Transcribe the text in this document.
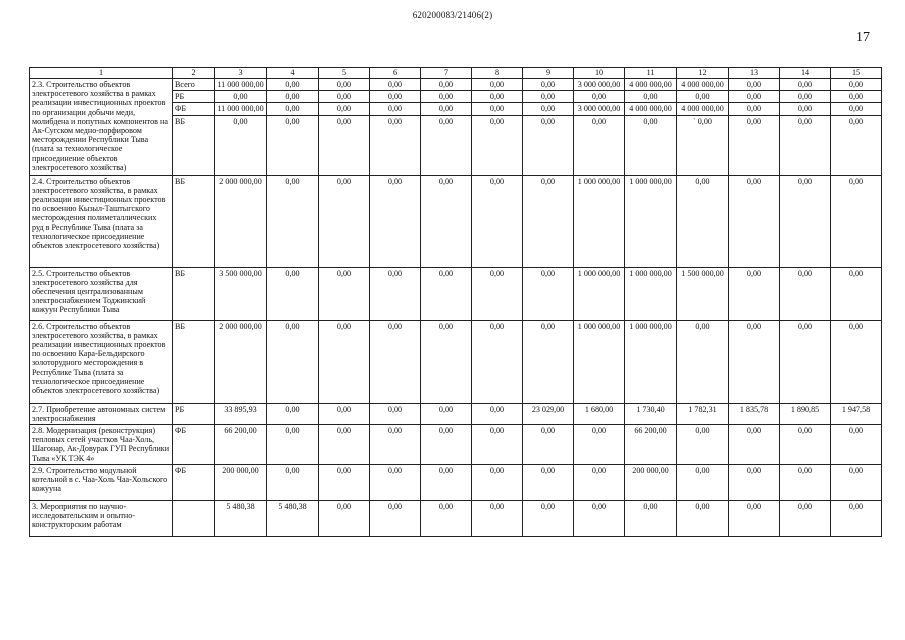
620200083/21406(2)
17
1	2	3	4	5	6	7	8	9	10	11	12	13	14	15
2.3. Строительство объектов электросетевого хозяйства в рамках реализации инвестиционных проектов по организации добычи меди, молибдена и попутных компонентов на Ак-Сугском медно-порфировом месторождении Республики Тыва (плата за технологическое присоединение объектов электросетевого хозяйства)	Всего	11 000 000,00	0,00	0,00	0,00	0,00	0,00	0,00	3 000 000,00	4 000 000,00	4 000 000,00	0,00	0,00	0,00
	РБ	0,00	0,00	0,00	0,00	0,00	0,00	0,00	0,00	0,00	0,00	0,00	0,00	0,00
	ФБ	11 000 000,00	0,00	0,00	0,00	0,00	0,00	0,00	3 000 000,00	4 000 000,00	4 000 000,00	0,00	0,00	0,00
	ВБ	0,00	0,00	0,00	0,00	0,00	0,00	0,00	0,00	0,00	` 0,00	0,00	0,00	0,00
2.4. Строительство объектов электросетевого хозяйства, в рамках реализации инвестиционных проектов по освоению Кызыл-Таштыгского месторождения полиметаллических руд в Республике Тыва (плата за технологическое присоединение объектов электросетевого хозяйства)	ВБ	2 000 000,00	0,00	0,00	0,00	0,00	0,00	0,00	1 000 000,00	1 000 000,00	0,00	0,00	0,00	0,00
2.5. Строительство объектов электросетевого хозяйства для обеспечения централизованным электроснабжением Тоджинский кожуун Республики Тыва	ВБ	3 500 000,00	0,00	0,00	0,00	0,00	0,00	0,00	1 000 000,00	1 000 000,00	1 500 000,00	0,00	0,00	0,00
2.6. Строительство объектов электросетевого хозяйства, в рамках реализации инвестиционных проектов по освоению Кара-Бельдирского золоторудного месторождения в Республике Тыва (плата за технологическое присоединение объектов электросетевого хозяйства)	ВБ	2 000 000,00	0,00	0,00	0,00	0,00	0,00	0,00	1 000 000,00	1 000 000,00	0,00	0,00	0,00	0,00
2.7. Приобретение автономных систем электроснабжения	РБ	33 895,93	0,00	0,00	0,00	0,00	0,00	23 029,00	1 680,00	1 730,40	1 782,31	1 835,78	1 890,85	1 947,58
2.8. Модернизация (реконструкция) тепловых сетей участков Чаа-Холь, Шагонар, Ак-Довурак ГУП Республики Тыва «УК ТЭК 4»	ФБ	66 200,00	0,00	0,00	0,00	0,00	0,00	0,00	0,00	66 200,00	0,00	0,00	0,00	0,00
2.9. Строительство модульной котельной в с. Чаа-Холь Чаа-Хольского кожууна	ФБ	200 000,00	0,00	0,00	0,00	0,00	0,00	0,00	0,00	200 000,00	0,00	0,00	0,00	0,00
3. Мероприятия по научно-исследовательским и опытно-конструкторским работам		5 480,38	5 480,38	0,00	0,00	0,00	0,00	0,00	0,00	0,00	0,00	0,00	0,00	0,00
